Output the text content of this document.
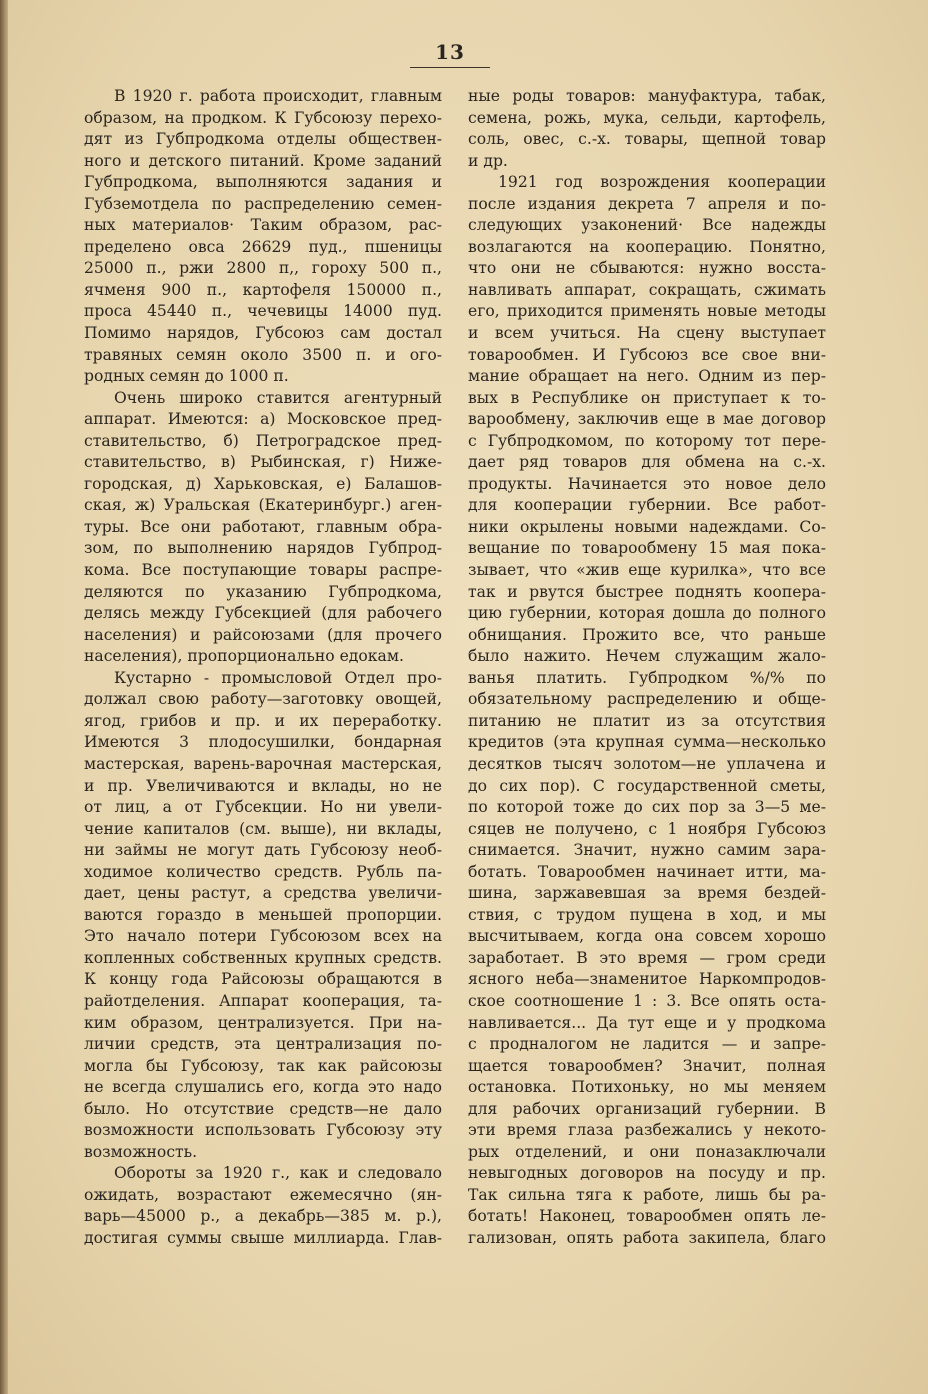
13
В 1920 г. работа происходит, главным
образом, на продком. К Губсоюзу перехо-
дят из Губпродкома отделы обществен-
ного и детского питаний. Кроме заданий
Губпродкома, выполняются задания и
Губземотдела по распределению семен-
ных материалов· Таким образом, рас-
пределено овса 26629 пуд., пшеницы
25000 п., ржи 2800 п,, гороху 500 п.,
ячменя 900 п., картофеля 150000 п.,
проса 45440 п., чечевицы 14000 пуд.
Помимо нарядов, Губсоюз сам достал
травяных семян около 3500 п. и ого-
родных семян до 1000 п.
Очень широко ставится агентурный
аппарат. Имеются: а) Московское пред-
ставительство, б) Петроградское пред-
ставительство, в) Рыбинская, г) Ниже-
городская, д) Харьковская, е) Балашов-
ская, ж) Уральская (Екатеринбург.) аген-
туры. Все они работают, главным обра-
зом, по выполнению нарядов Губпрод-
кома. Все поступающие товары распре-
деляются по указанию Губпродкома,
делясь между Губсекцией (для рабочего
населения) и райсоюзами (для прочего
населения), пропорционально едокам.
Кустарно - промысловой Отдел про-
должал свою работу—заготовку овощей,
ягод, грибов и пр. и их переработку.
Имеются 3 плодосушилки, бондарная
мастерская, варень-варочная мастерская,
и пр. Увеличиваются и вклады, но не
от лиц, а от Губсекции. Но ни увели-
чение капиталов (см. выше), ни вклады,
ни займы не могут дать Губсоюзу необ-
ходимое количество средств. Рубль па-
дает, цены растут, а средства увеличи-
ваются гораздо в меньшей пропорции.
Это начало потери Губсоюзом всех на
копленных собственных крупных средств.
К концу года Райсоюзы обращаются в
райотделения. Аппарат кооперация, та-
ким образом, централизуется. При на-
личии средств, эта централизация по-
могла бы Губсоюзу, так как райсоюзы
не всегда слушались его, когда это надо
было. Но отсутствие средств—не дало
возможности использовать Губсоюзу эту
возможность.
Обороты за 1920 г., как и следовало
ожидать, возрастают ежемесячно (ян-
варь—45000 р., а декабрь—385 м. р.),
достигая суммы свыше миллиарда. Глав-
ные роды товаров: мануфактура, табак,
семена, рожь, мука, сельди, картофель,
соль, овес, с.-х. товары, щепной товар
и др.
1921 год возрождения кооперации
после издания декрета 7 апреля и по-
следующих узаконений· Все надежды
возлагаются на кооперацию. Понятно,
что они не сбываются: нужно восста-
навливать аппарат, сокращать, сжимать
его, приходится применять новые методы
и всем учиться. На сцену выступает
товарообмен. И Губсоюз все свое вни-
мание обращает на него. Одним из пер-
вых в Республике он приступает к то-
варообмену, заключив еще в мае договор
с Губпродкомом, по которому тот пере-
дает ряд товаров для обмена на с.-х.
продукты. Начинается это новое дело
для кооперации губернии. Все работ-
ники окрылены новыми надеждами. Со-
вещание по товарообмену 15 мая пока-
зывает, что «жив еще курилка», что все
так и рвутся быстрее поднять коопера-
цию губернии, которая дошла до полного
обнищания. Прожито все, что раньше
было нажито. Нечем служащим жало-
ванья платить. Губпродком %/% по
обязательному распределению и обще-
питанию не платит из за отсутствия
кредитов (эта крупная сумма—несколько
десятков тысяч золотом—не уплачена и
до сих пор). С государственной сметы,
по которой тоже до сих пор за 3—5 ме-
сяцев не получено, с 1 ноября Губсоюз
снимается. Значит, нужно самим зара-
ботать. Товарообмен начинает итти, ма-
шина, заржавевшая за время бездей-
ствия, с трудом пущена в ход, и мы
высчитываем, когда она совсем хорошо
заработает. В это время — гром среди
ясного неба—знаменитое Наркомпродов-
ское соотношение 1 : 3. Все опять оста-
навливается... Да тут еще и у продкома
с продналогом не ладится — и запре-
щается товарообмен? Значит, полная
остановка. Потихоньку, но мы меняем
для рабочих организаций губернии. В
эти время глаза разбежались у некото-
рых отделений, и они поназаключали
невыгодных договоров на посуду и пр.
Так сильна тяга к работе, лишь бы ра-
ботать! Наконец, товарообмен опять ле-
гализован, опять работа закипела, благо
